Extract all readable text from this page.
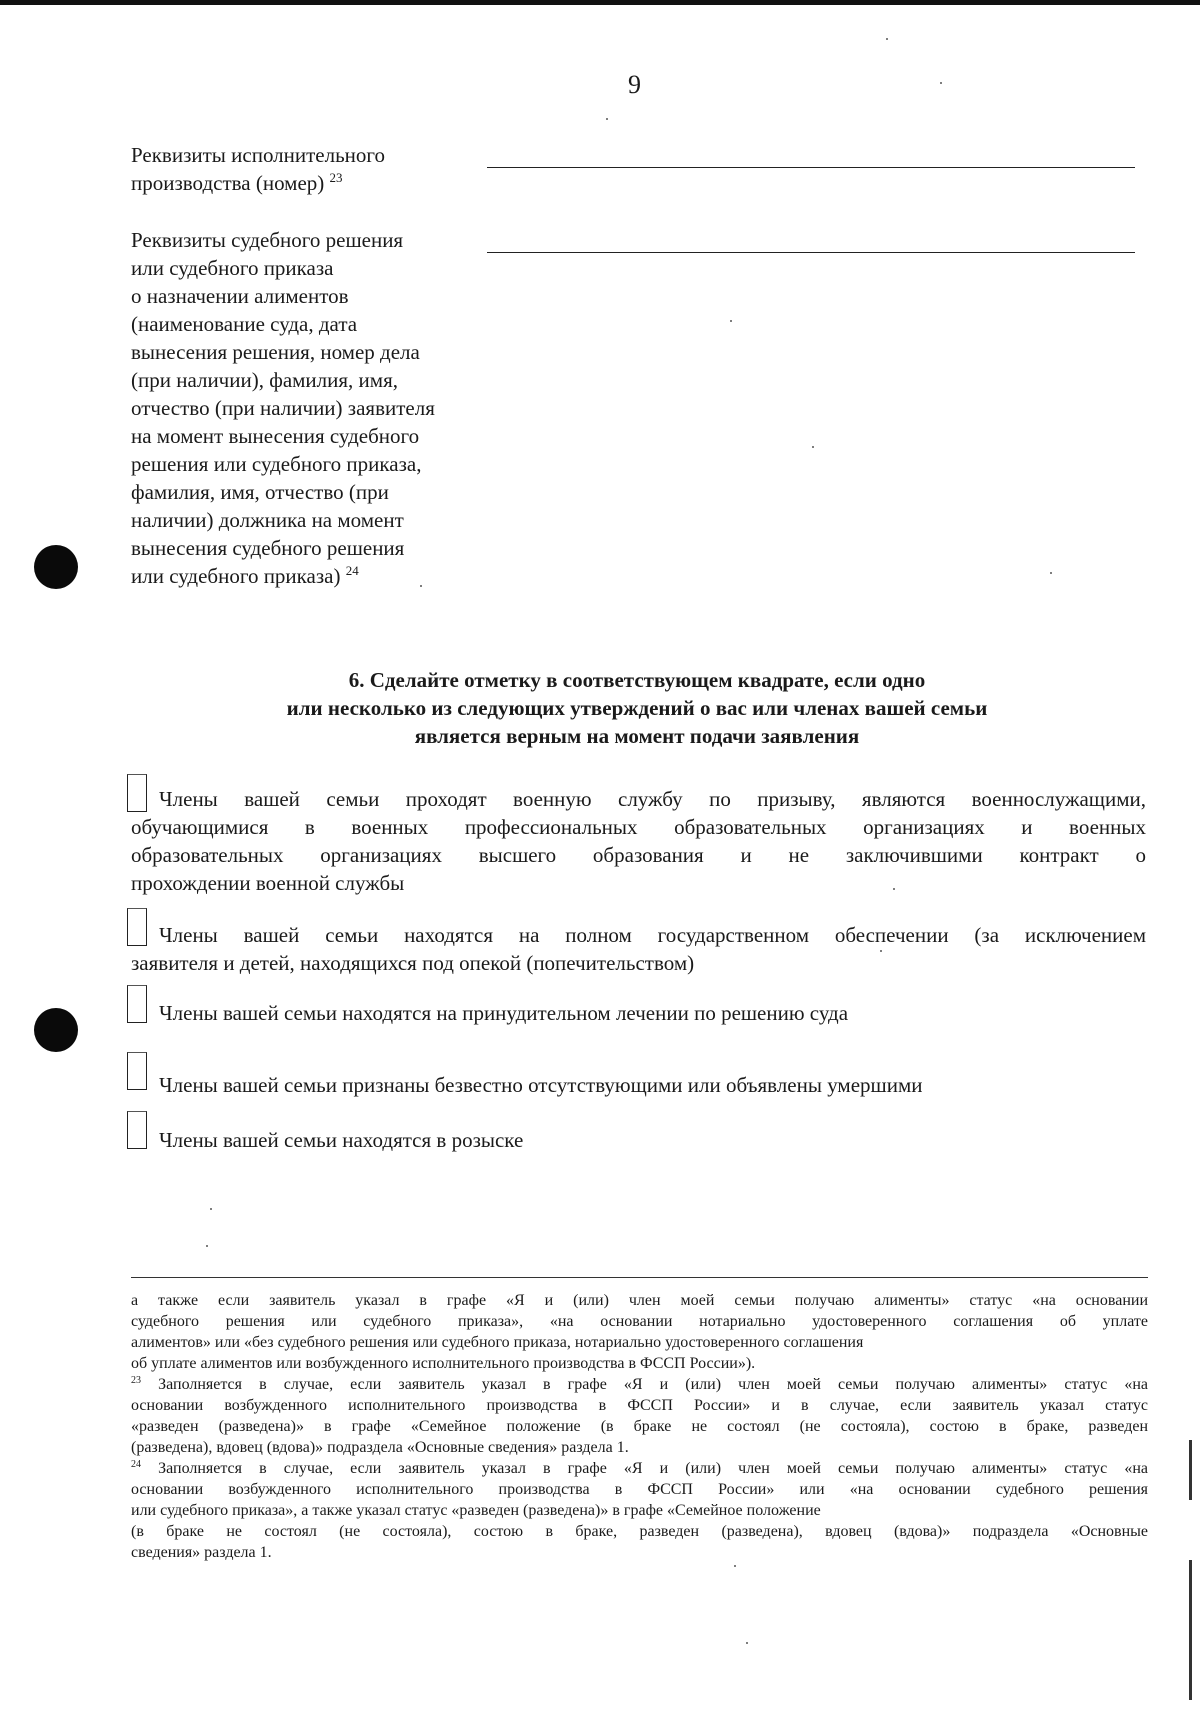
9
Реквизиты исполнительного
производства (номер) $^{23}$
Реквизиты судебного решения
или судебного приказа
о назначении алиментов
(наименование суда, дата
вынесения решения, номер дела
(при наличии), фамилия, имя,
отчество (при наличии) заявителя
на момент вынесения судебного
решения или судебного приказа,
фамилия, имя, отчество (при
наличии) должника на момент
вынесения судебного решения
или судебного приказа) $^{24}$
6. Сделайте отметку в соответствующем квадрате, если одно
или несколько из следующих утверждений о вас или членах вашей семьи
является верным на момент подачи заявления
Члены вашей семьи проходят военную службу по призыву, являются военнослужащими,
обучающимися в военных профессиональных образовательных организациях и военных
образовательных организациях высшего образования и не заключившими контракт о
прохождении военной службы
Члены вашей семьи находятся на полном государственном обеспечении (за исключением
заявителя и детей, находящихся под опекой (попечительством)
Члены вашей семьи находятся на принудительном лечении по решению суда
Члены вашей семьи признаны безвестно отсутствующими или объявлены умершими
Члены вашей семьи находятся в розыске
а также если заявитель указал в графе «Я и (или) член моей семьи получаю алименты» статус «на основании
судебного решения или судебного приказа», «на основании нотариально удостоверенного соглашения об уплате
алиментов» или «без судебного решения или судебного приказа, нотариально удостоверенного соглашения
об уплате алиментов или возбужденного исполнительного производства в ФССП России»).
$^{23}$ Заполняется в случае, если заявитель указал в графе «Я и (или) член моей семьи получаю алименты» статус «на
основании возбужденного исполнительного производства в ФССП России» и в случае, если заявитель указал статус
«разведен (разведена)» в графе «Семейное положение (в браке не состоял (не состояла), состою в браке, разведен
(разведена), вдовец (вдова)» подраздела «Основные сведения» раздела 1.
$^{24}$ Заполняется в случае, если заявитель указал в графе «Я и (или) член моей семьи получаю алименты» статус «на
основании возбужденного исполнительного производства в ФССП России» или «на основании судебного решения
или судебного приказа», а также указал статус «разведен (разведена)» в графе «Семейное положение
(в браке не состоял (не состояла), состою в браке, разведен (разведена), вдовец (вдова)» подраздела «Основные
сведения» раздела 1.
